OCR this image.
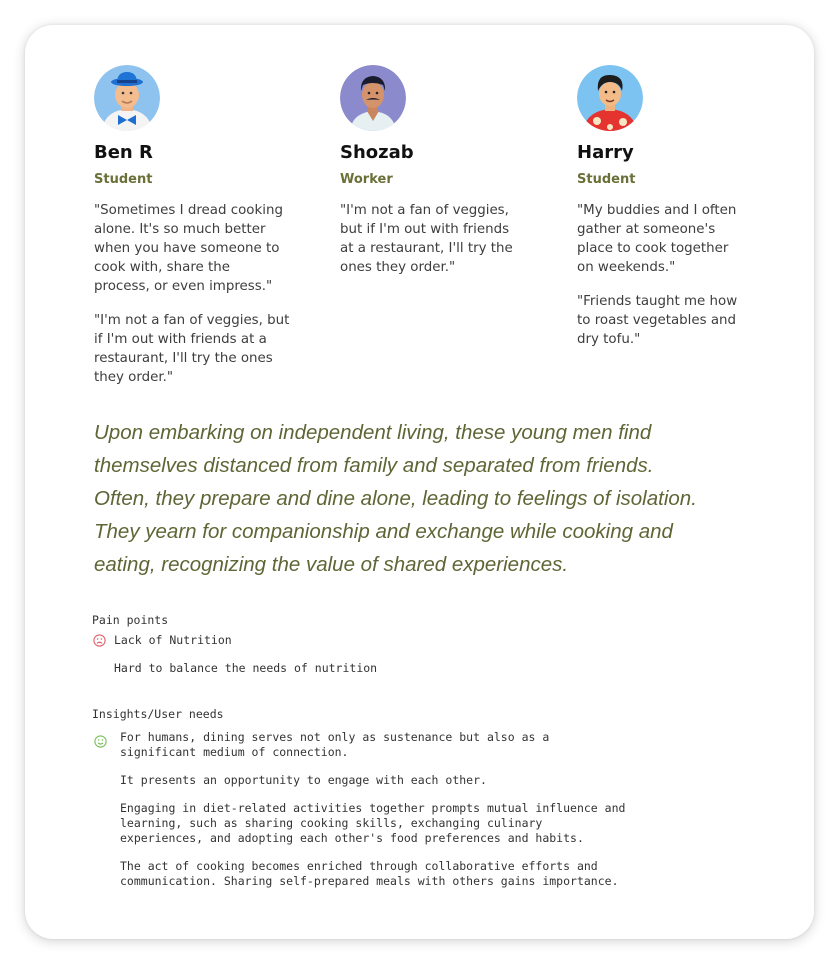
Ben R
Student
"Sometimes I dread cooking
alone. It's so much better
when you have someone to
cook with, share the
process, or even impress."
"I'm not a fan of veggies, but
if I'm out with friends at a
restaurant, I'll try the ones
they order."
Shozab
Worker
"I'm not a fan of veggies,
but if I'm out with friends
at a restaurant, I'll try the
ones they order."
Harry
Student
"My buddies and I often
gather at someone's
place to cook together
on weekends."
"Friends taught me how
to roast vegetables and
dry tofu."
Upon embarking on independent living, these young men find
themselves distanced from family and separated from friends.
Often, they prepare and dine alone, leading to feelings of isolation.
They yearn for companionship and exchange while cooking and
eating, recognizing the value of shared experiences.
Pain points
Lack of Nutrition
Hard to balance the needs of nutrition
Insights/User needs
For humans, dining serves not only as sustenance but also as a
significant medium of connection.
It presents an opportunity to engage with each other.
Engaging in diet-related activities together prompts mutual influence and
learning, such as sharing cooking skills, exchanging culinary
experiences, and adopting each other's food preferences and habits.
The act of cooking becomes enriched through collaborative efforts and
communication. Sharing self-prepared meals with others gains importance.
